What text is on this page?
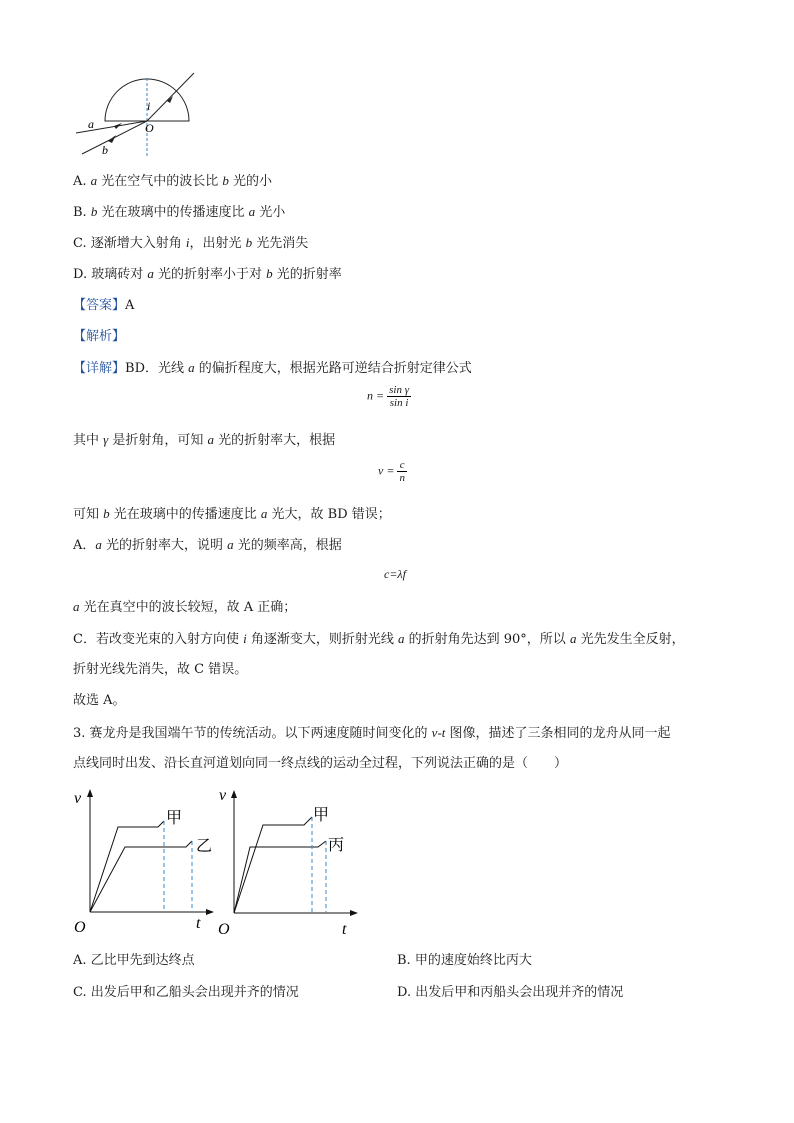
i
O
a
b
A. a 光在空气中的波长比 b 光的小
B. b 光在玻璃中的传播速度比 a 光小
C. 逐渐增大入射角 i，出射光 b 光先消失
D. 玻璃砖对 a 光的折射率小于对 b 光的折射率
【答案】A
【解析】
【详解】BD．光线 a 的偏折程度大，根据光路可逆结合折射定律公式
$n = \frac{\text{sin γ}}{\text{sin i}}$
其中 γ 是折射角，可知 a 光的折射率大，根据
$v = \frac{c}{n}$
可知 b 光在玻璃中的传播速度比 a 光大，故 BD 错误；
A．a 光的折射率大，说明 a 光的频率高，根据
c=λf
a 光在真空中的波长较短，故 A 正确；
C．若改变光束的入射方向使 i 角逐渐变大，则折射光线 a 的折射角先达到 90°，所以 a 光先发生全反射，
折射光线先消失，故 C 错误。
故选 A。
3. 赛龙舟是我国端午节的传统活动。以下两速度随时间变化的 v-t 图像，描述了三条相同的龙舟从同一起
点线同时出发、沿长直河道划向同一终点线的运动全过程，下列说法正确的是（　　）
v
t
O
甲
乙
v
t
O
甲
丙
A. 乙比甲先到达终点	B. 甲的速度始终比丙大
C. 出发后甲和乙船头会出现并齐的情况	D. 出发后甲和丙船头会出现并齐的情况
